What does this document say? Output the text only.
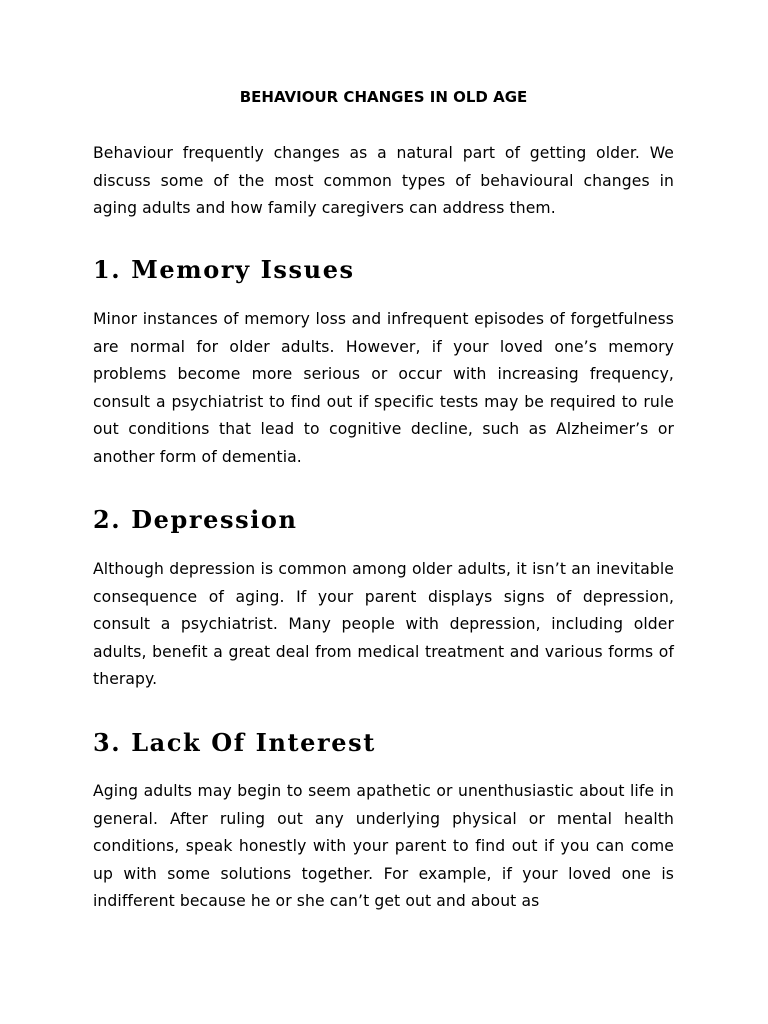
BEHAVIOUR CHANGES IN OLD AGE

Behaviour frequently changes as a natural part of getting older. We discuss some of the most common types of behavioural changes in aging adults and how family caregivers can address them.

1. Memory Issues

Minor instances of memory loss and infrequent episodes of forgetfulness are normal for older adults. However, if your loved one’s memory problems become more serious or occur with increasing frequency, consult a psychiatrist to find out if specific tests may be required to rule out conditions that lead to cognitive decline, such as Alzheimer’s or another form of dementia.

2. Depression

Although depression is common among older adults, it isn’t an inevitable consequence of aging. If your parent displays signs of depression, consult a psychiatrist. Many people with depression, including older adults, benefit a great deal from medical treatment and various forms of therapy.

3. Lack Of Interest

Aging adults may begin to seem apathetic or unenthusiastic about life in general. After ruling out any underlying physical or mental health conditions, speak honestly with your parent to find out if you can come up with some solutions together. For example, if your loved one is indifferent because he or she can’t get out and about as
